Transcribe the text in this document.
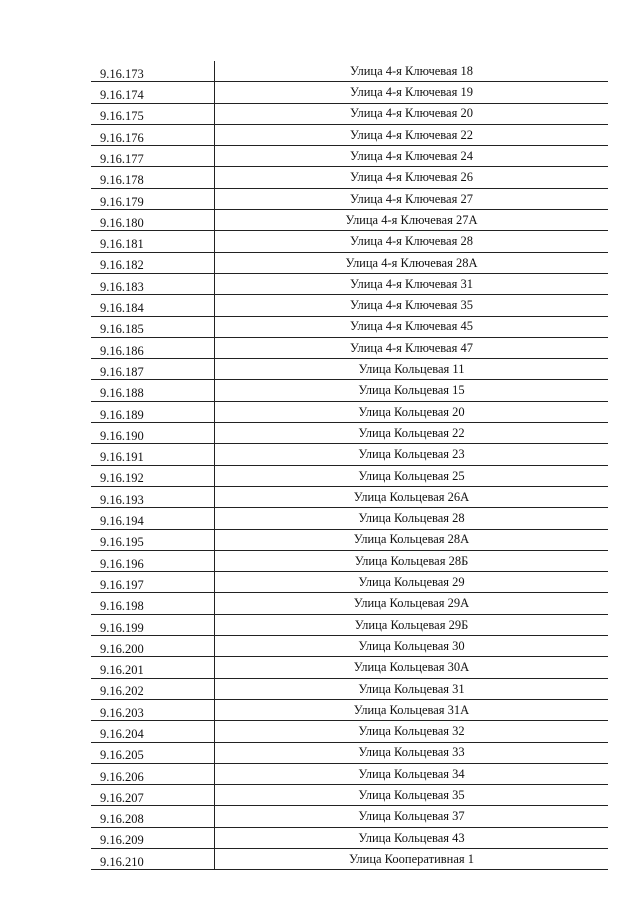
9.16.173	Улица 4-я Ключевая 18
9.16.174	Улица 4-я Ключевая 19
9.16.175	Улица 4-я Ключевая 20
9.16.176	Улица 4-я Ключевая 22
9.16.177	Улица 4-я Ключевая 24
9.16.178	Улица 4-я Ключевая 26
9.16.179	Улица 4-я Ключевая 27
9.16.180	Улица 4-я Ключевая 27А
9.16.181	Улица 4-я Ключевая 28
9.16.182	Улица 4-я Ключевая 28А
9.16.183	Улица 4-я Ключевая 31
9.16.184	Улица 4-я Ключевая 35
9.16.185	Улица 4-я Ключевая 45
9.16.186	Улица 4-я Ключевая 47
9.16.187	Улица Кольцевая 11
9.16.188	Улица Кольцевая 15
9.16.189	Улица Кольцевая 20
9.16.190	Улица Кольцевая 22
9.16.191	Улица Кольцевая 23
9.16.192	Улица Кольцевая 25
9.16.193	Улица Кольцевая 26А
9.16.194	Улица Кольцевая 28
9.16.195	Улица Кольцевая 28А
9.16.196	Улица Кольцевая 28Б
9.16.197	Улица Кольцевая 29
9.16.198	Улица Кольцевая 29А
9.16.199	Улица Кольцевая 29Б
9.16.200	Улица Кольцевая 30
9.16.201	Улица Кольцевая 30А
9.16.202	Улица Кольцевая 31
9.16.203	Улица Кольцевая 31А
9.16.204	Улица Кольцевая 32
9.16.205	Улица Кольцевая 33
9.16.206	Улица Кольцевая 34
9.16.207	Улица Кольцевая 35
9.16.208	Улица Кольцевая 37
9.16.209	Улица Кольцевая 43
9.16.210	Улица Кооперативная 1
